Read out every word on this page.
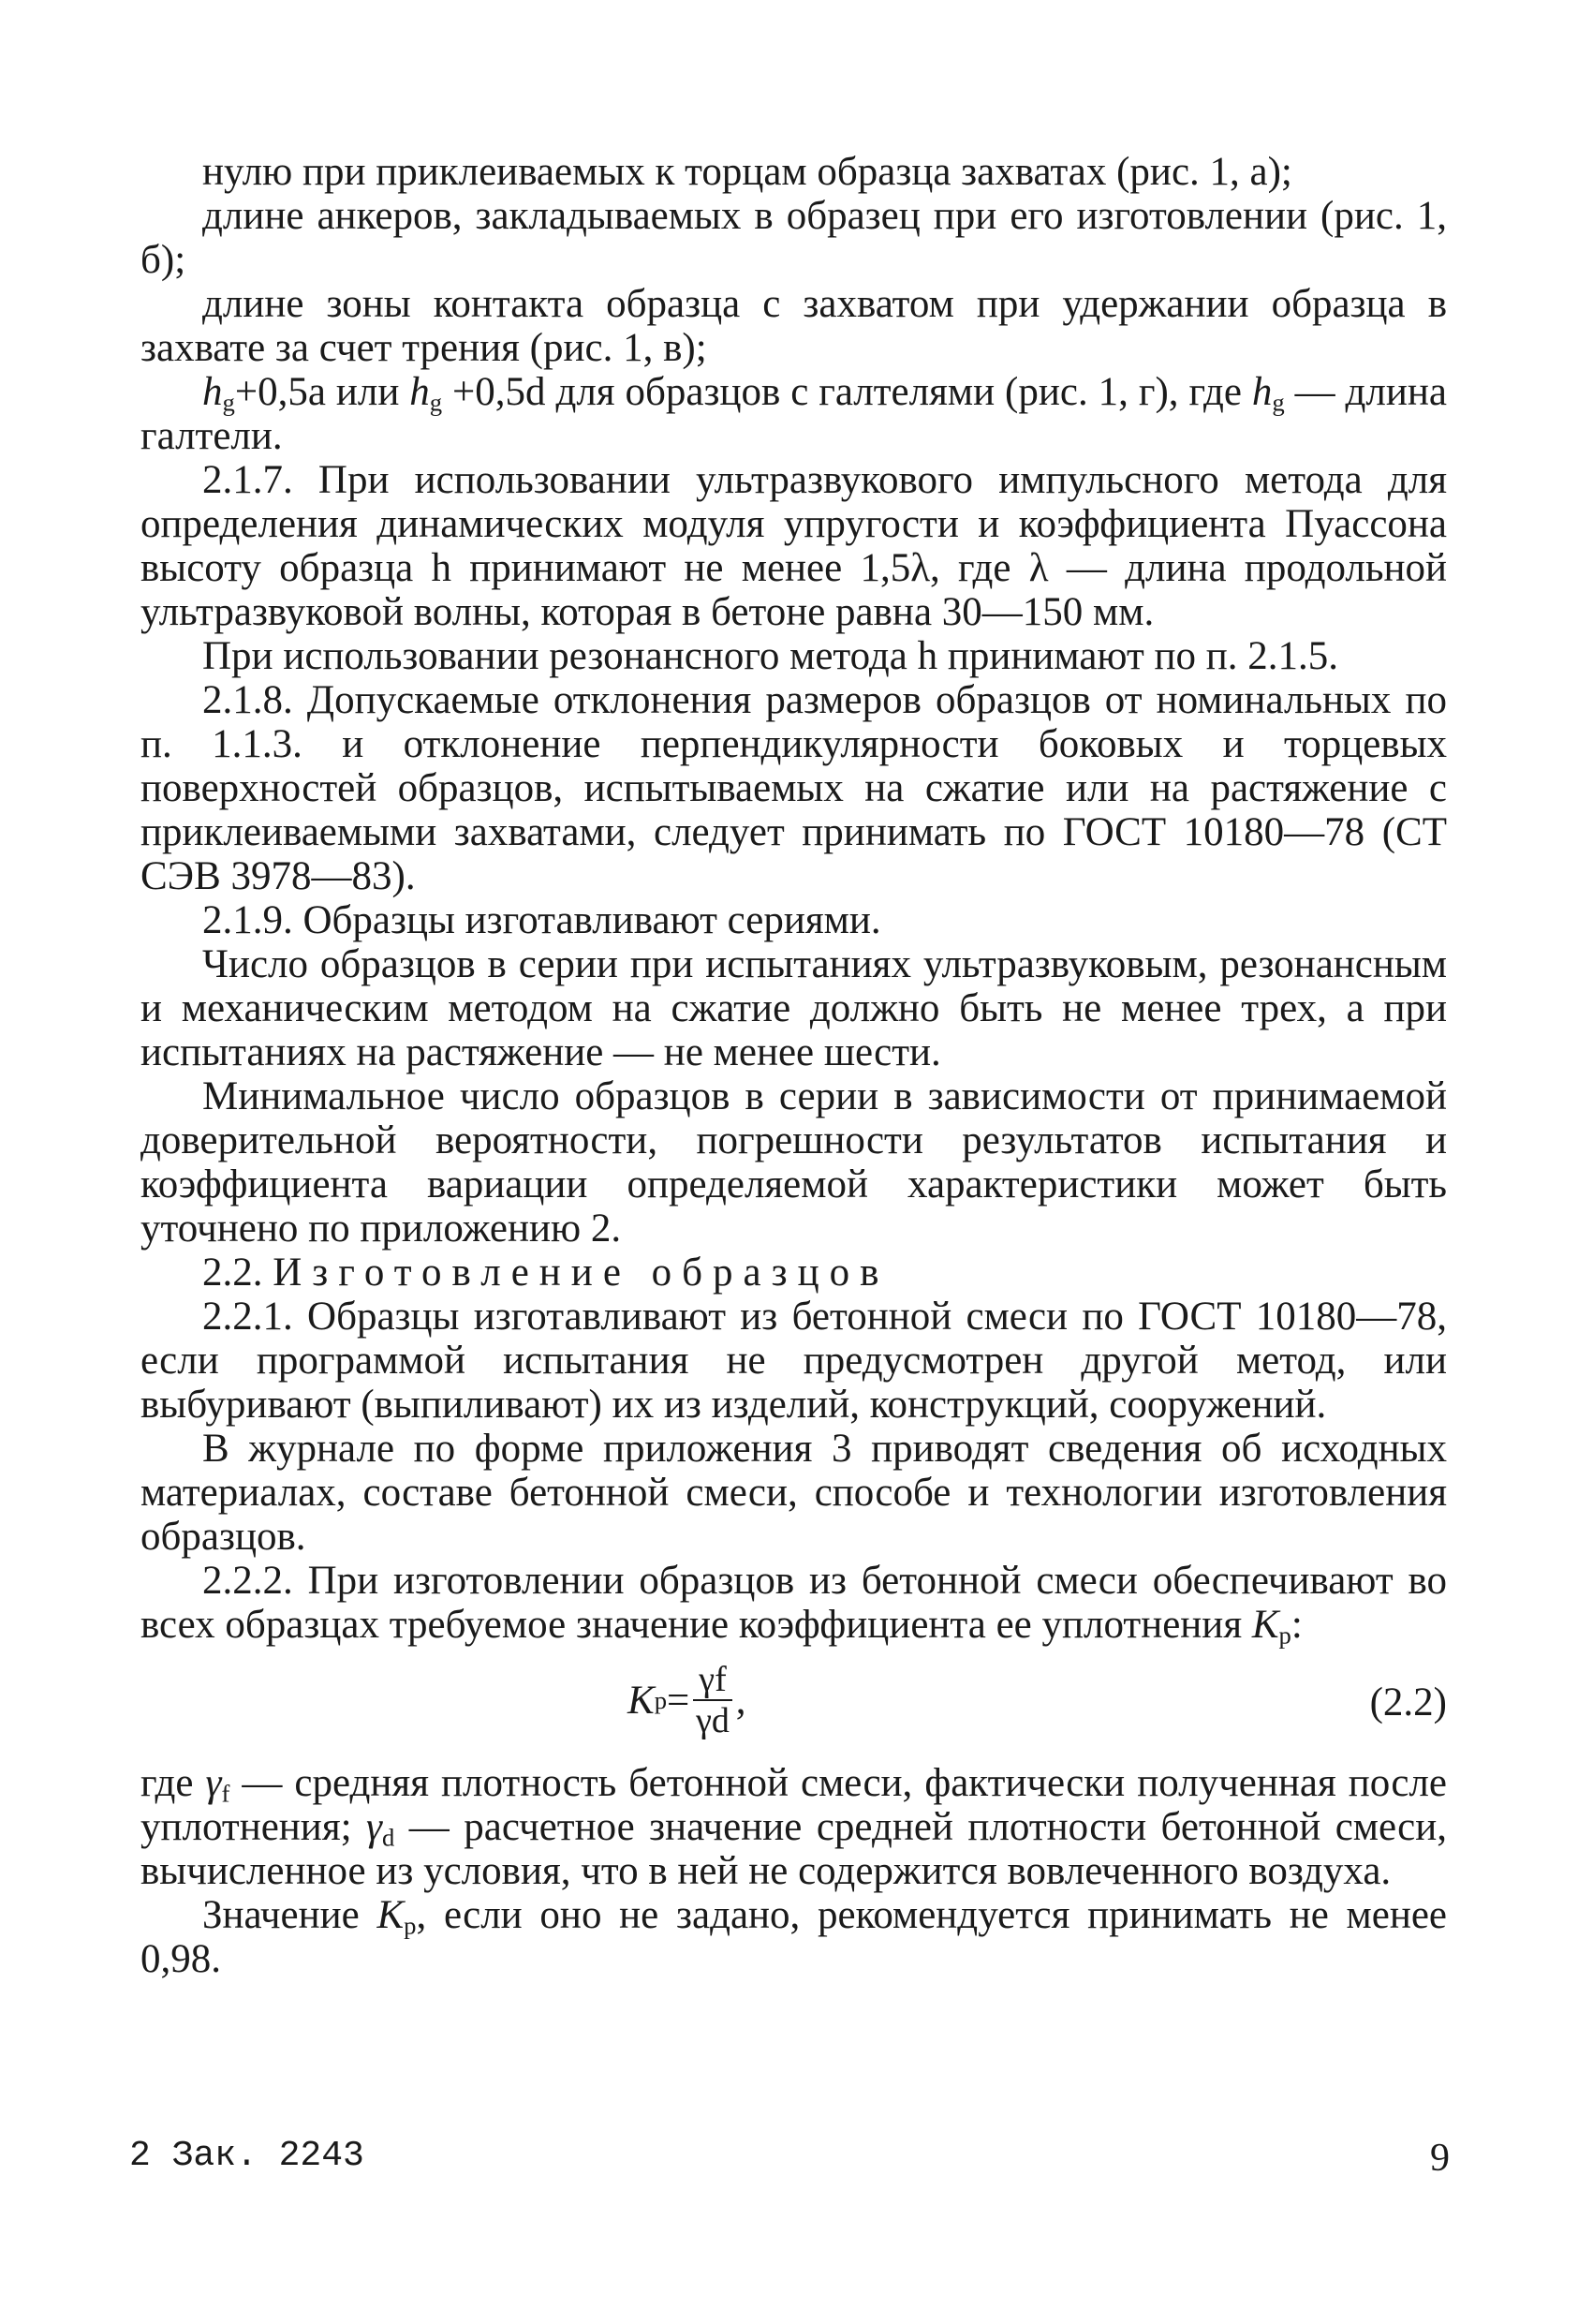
нулю при приклеиваемых к торцам образца захватах (рис. 1, а);

длине анкеров, закладываемых в образец при его изготовлении (рис. 1, б);

длине зоны контакта образца с захватом при удержании образца в захвате за счет трения (рис. 1, в);

$h_g+0,5a$ или $h_g +0,5d$ для образцов с галтелями (рис. 1, г), где $h_g$ — длина галтели.

2.1.7. При использовании ультразвукового импульсного метода для определения динамических модуля упругости и коэффициента Пуассона высоту образца h принимают не менее 1,5λ, где λ — длина продольной ультразвуковой волны, которая в бетоне равна 30—150 мм.

При использовании резонансного метода h принимают по п. 2.1.5.

2.1.8. Допускаемые отклонения размеров образцов от номинальных по п. 1.1.3. и отклонение перпендикулярности боковых и торцевых поверхностей образцов, испытываемых на сжатие или на растяжение с приклеиваемыми захватами, следует принимать по ГОСТ 10180—78 (СТ СЭВ 3978—83).

2.1.9. Образцы изготавливают сериями.

Число образцов в серии при испытаниях ультразвуковым, резонансным и механическим методом на сжатие должно быть не менее трех, а при испытаниях на растяжение — не менее шести.

Минимальное число образцов в серии в зависимости от принимаемой доверительной вероятности, погрешности результатов испытания и коэффициента вариации определяемой характеристики может быть уточнено по приложению 2.

2.2. Изготовление образцов

2.2.1. Образцы изготавливают из бетонной смеси по ГОСТ 10180—78, если программой испытания не предусмотрен другой метод, или выбуривают (выпиливают) их из изделий, конструкций, сооружений.

В журнале по форме приложения 3 приводят сведения об исходных материалах, составе бетонной смеси, способе и технологии изготовления образцов.

2.2.2. При изготовлении образцов из бетонной смеси обеспечивают во всех образцах требуемое значение коэффициента ее уплотнения $K_p$:

K $p = \frac{\gamma f}{\gamma d}$ ,	(2.2)

где $\gamma_f$ — средняя плотность бетонной смеси, фактически полученная после уплотнения; $\gamma_d$ — расчетное значение средней плотности бетонной смеси, вычисленное из условия, что в ней не содержится вовлеченного воздуха.

Значение $K_p$, если оно не задано, рекомендуется принимать не менее 0,98.

2 Зак. 2243	9
